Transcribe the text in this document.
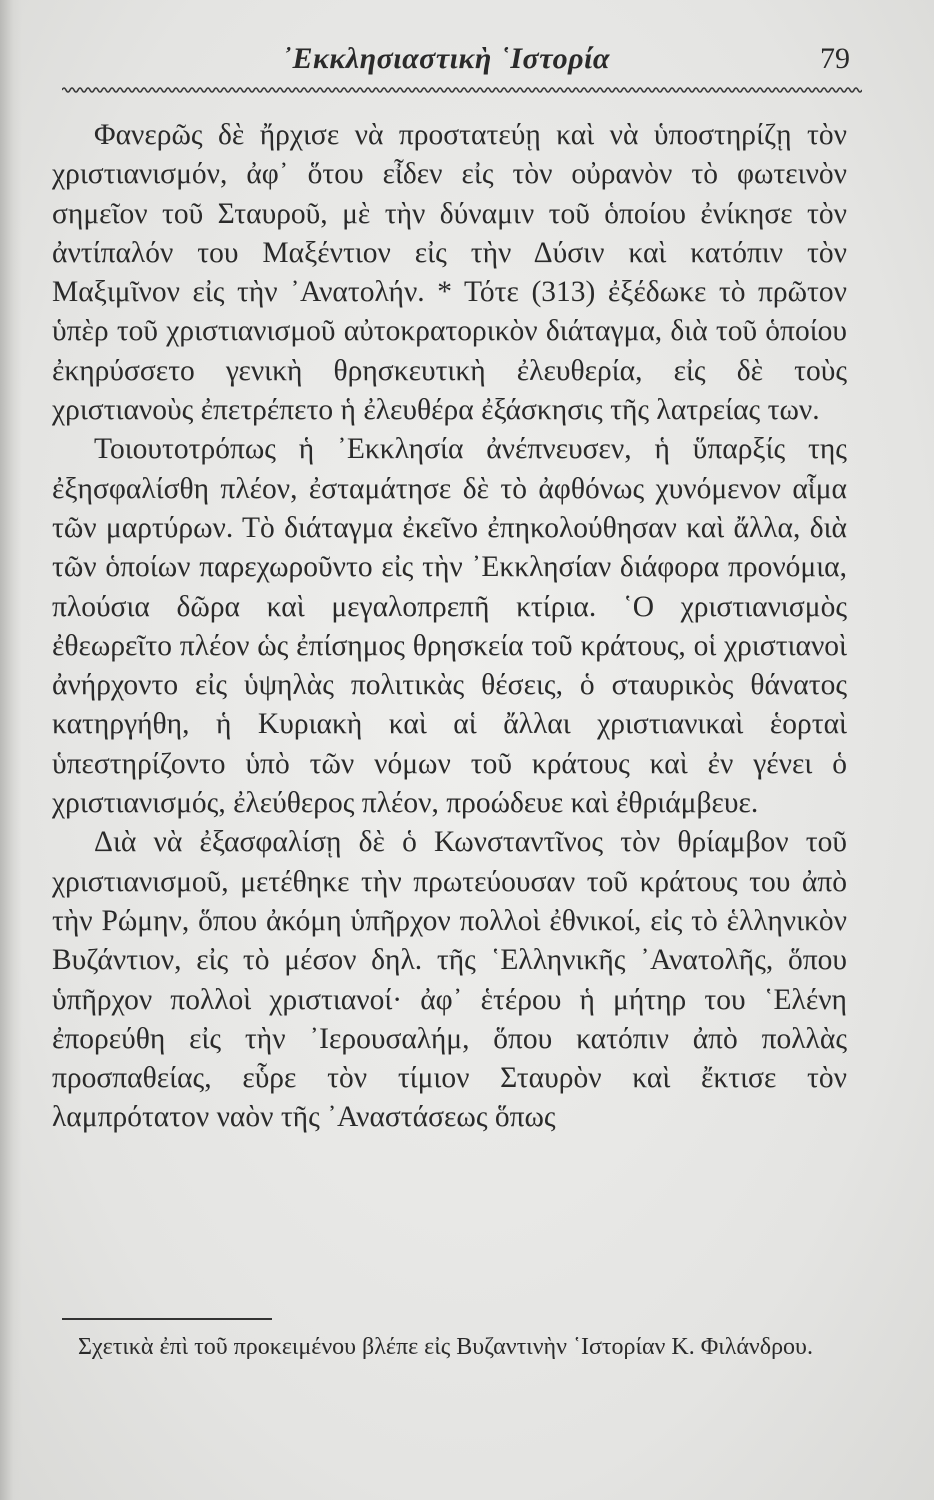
᾿Εκκλησιαστικὴ ῾Ιστορία	79

Φανερῶς δὲ ἤρχισε νὰ προστατεύῃ καὶ νὰ ὑποστηρίζῃ τὸν χριστιανισμόν, ἀφ᾿ ὅτου εἶδεν εἰς τὸν οὐρανὸν τὸ φωτεινὸν σημεῖον τοῦ Σταυροῦ, μὲ τὴν δύναμιν τοῦ ὁποίου ἐνίκησε τὸν ἀντίπαλόν του Μαξέντιον εἰς τὴν Δύσιν καὶ κατόπιν τὸν Μαξιμῖνον εἰς τὴν ᾿Ανατολήν. * Τότε (313) ἐξέδωκε τὸ πρῶτον ὑπὲρ τοῦ χριστιανισμοῦ αὐτοκρατορικὸν διάταγμα, διὰ τοῦ ὁποίου ἐκηρύσσετο γενικὴ θρησκευτικὴ ἐλευθερία, εἰς δὲ τοὺς χριστιανοὺς ἐπετρέπετο ἡ ἐλευθέρα ἐξάσκησις τῆς λατρείας των.

Τοιουτοτρόπως ἡ ᾿Εκκλησία ἀνέπνευσεν, ἡ ὕπαρξίς της ἐξησφαλίσθη πλέον, ἐσταμάτησε δὲ τὸ ἀφθόνως χυνόμενον αἷμα τῶν μαρτύρων. Τὸ διάταγμα ἐκεῖνο ἐπηκολούθησαν καὶ ἄλλα, διὰ τῶν ὁποίων παρεχωροῦντο εἰς τὴν ᾿Εκκλησίαν διάφορα προνόμια, πλούσια δῶρα καὶ μεγαλοπρεπῆ κτίρια. ῾Ο χριστιανισμὸς ἐθεωρεῖτο πλέον ὡς ἐπίσημος θρησκεία τοῦ κράτους, οἱ χριστιανοὶ ἀνήρχοντο εἰς ὑψηλὰς πολιτικὰς θέσεις, ὁ σταυρικὸς θάνατος κατηργήθη, ἡ Κυριακὴ καὶ αἱ ἄλλαι χριστιανικαὶ ἑορταὶ ὑπεστηρίζοντο ὑπὸ τῶν νόμων τοῦ κράτους καὶ ἐν γένει ὁ χριστιανισμός, ἐλεύθερος πλέον, προώδευε καὶ ἐθριάμβευε.

Διὰ νὰ ἐξασφαλίσῃ δὲ ὁ Κωνσταντῖνος τὸν θρίαμβον τοῦ χριστιανισμοῦ, μετέθηκε τὴν πρωτεύουσαν τοῦ κράτους του ἀπὸ τὴν Ρώμην, ὅπου ἀκόμη ὑπῆρχον πολλοὶ ἐθνικοί, εἰς τὸ ἑλληνικὸν Βυζάντιον, εἰς τὸ μέσον δηλ. τῆς ῾Ελληνικῆς ᾿Ανατολῆς, ὅπου ὑπῆρχον πολλοὶ χριστιανοί· ἀφ᾿ ἑτέρου ἡ μήτηρ του ῾Ελένη ἐπορεύθη εἰς τὴν ᾿Ιερουσαλήμ, ὅπου κατόπιν ἀπὸ πολλὰς προσπαθείας, εὗρε τὸν τίμιον Σταυρὸν καὶ ἔκτισε τὸν λαμπρότατον ναὸν τῆς ᾿Αναστάσεως ὅπως

Σχετικὰ ἐπὶ τοῦ προκειμένου βλέπε εἰς Βυζαντινὴν ῾Ιστορίαν Κ. Φιλάνδρου.
